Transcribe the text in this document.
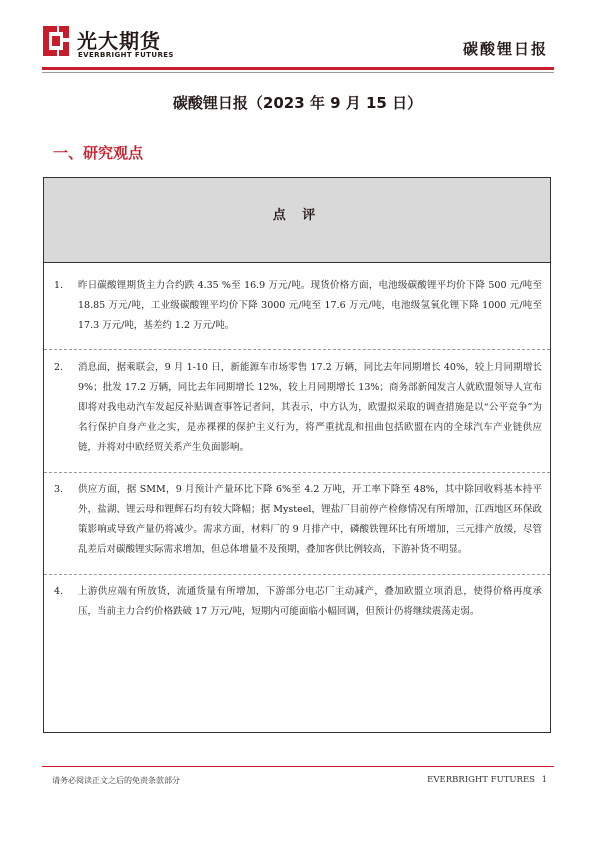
光大期货
EVERBRIGHT FUTURES	碳酸锂日报
碳酸锂日报（2023 年 9 月 15 日）
一、研究观点
点 评
1. 昨日碳酸锂期货主力合约跌 4.35 %至 16.9 万元/吨。现货价格方面，电池级碳酸锂平均价下降 500 元/吨至 18.85 万元/吨，工业级碳酸锂平均价下降 3000 元/吨至 17.6 万元/吨，电池级氢氧化锂下降 1000 元/吨至 17.3 万元/吨，基差约 1.2 万元/吨。
2. 消息面，据乘联会，9 月 1-10 日，新能源车市场零售 17.2 万辆，同比去年同期增长 40%，较上月同期增长 9%；批发 17.2 万辆，同比去年同期增长 12%，较上月同期增长 13%；商务部新闻发言人就欧盟领导人宣布即将对我电动汽车发起反补贴调查事答记者问，其表示，中方认为，欧盟拟采取的调查措施是以“公平竞争”为名行保护自身产业之实，是赤裸裸的保护主义行为，将严重扰乱和扭曲包括欧盟在内的全球汽车产业链供应链，并将对中欧经贸关系产生负面影响。
3. 供应方面，据 SMM，9 月预计产量环比下降 6%至 4.2 万吨，开工率下降至 48%，其中除回收料基本持平外，盐湖、锂云母和锂辉石均有较大降幅；据 Mysteel，锂盐厂目前停产检修情况有所增加，江西地区环保政策影响或导致产量仍将减少。需求方面，材料厂的 9 月排产中，磷酸铁锂环比有所增加，三元排产放缓，尽管乱差后对碳酸锂实际需求增加，但总体增量不及预期，叠加客供比例较高，下游补货不明显。
4. 上游供应端有所放货，流通货量有所增加，下游部分电芯厂主动减产，叠加欧盟立项消息，使得价格再度承压，当前主力合约价格跌破 17 万元/吨，短期内可能面临小幅回调，但预计仍将继续震荡走弱。
请务必阅读正文之后的免责条款部分	EVERBRIGHT FUTURES 1
